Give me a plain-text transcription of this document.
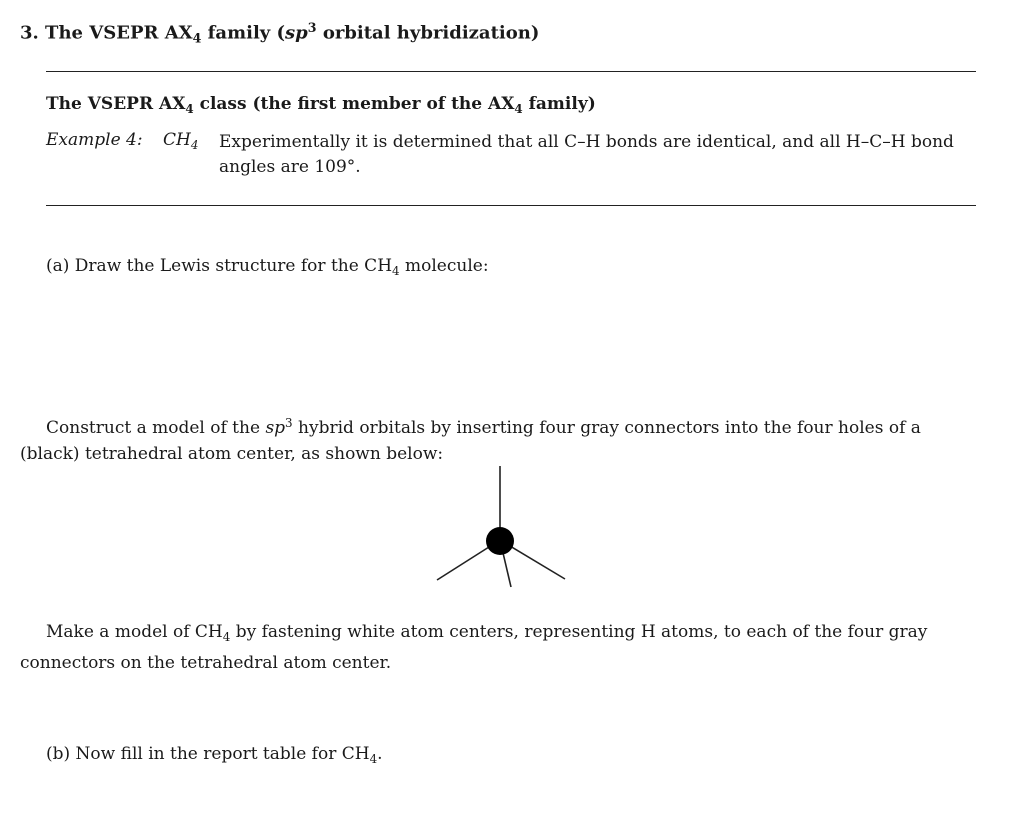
3. The VSEPR $AX_4$ family ($sp^3$ orbital hybridization)
The VSEPR $AX_4$ class (the first member of the $AX_4$ family)
Example 4: $CH_4$ Experimentally it is determined that all C–H bonds are identical, and all H–C–H bond angles are 109°.
(a) Draw the Lewis structure for the $CH_4$ molecule:
Construct a model of the $sp^3$ hybrid orbitals by inserting four gray connectors into the four holes of a (black) tetrahedral atom center, as shown below:
Make a model of $CH_4$ by fastening white atom centers, representing H atoms, to each of the four gray connectors on the tetrahedral atom center.
(b) Now fill in the report table for $CH_4$.
